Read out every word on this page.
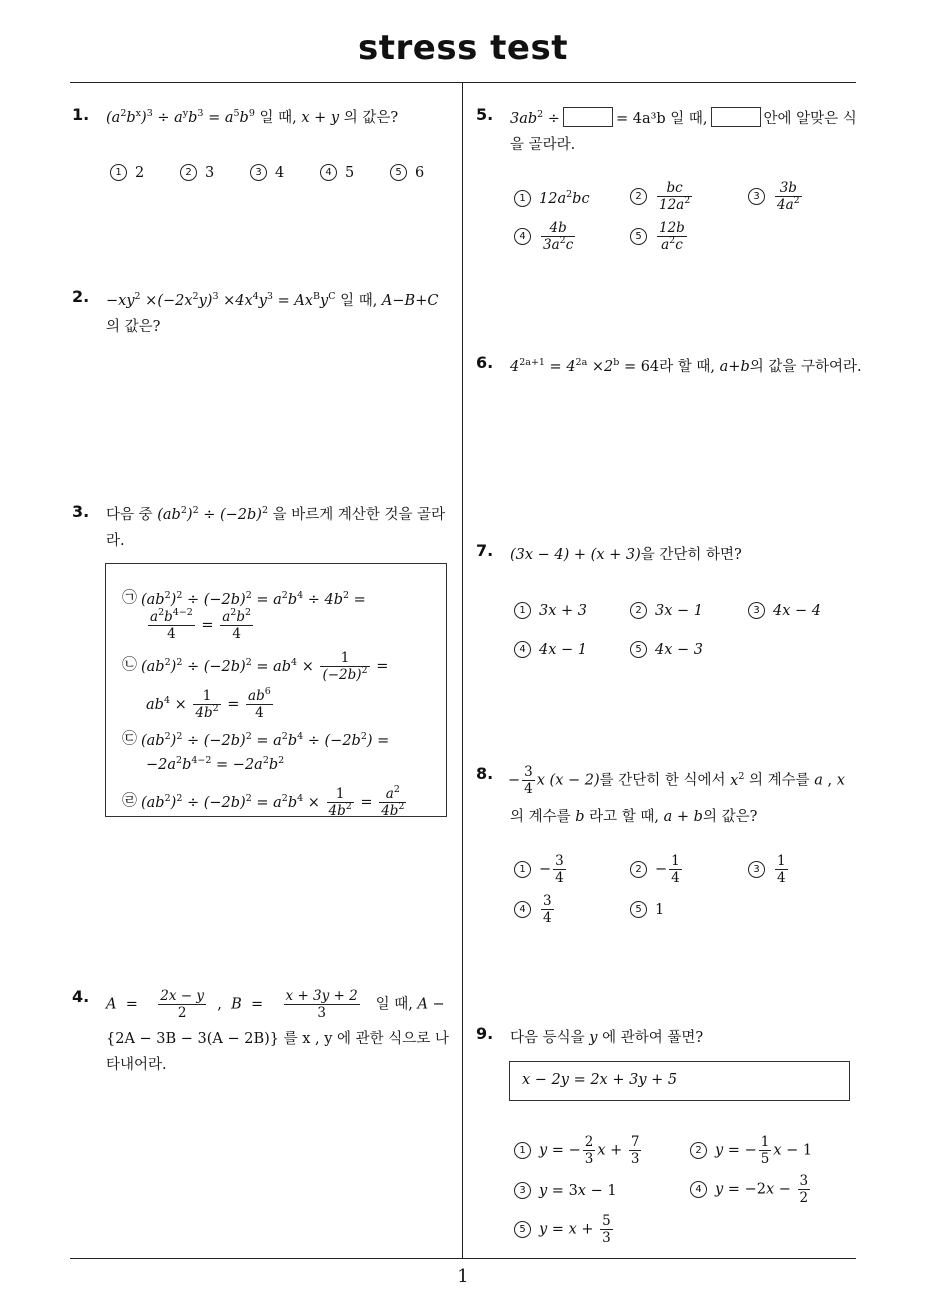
stress test
1
1. $(a^2b^x)^3 \div a^yb^3 = a^5b^9$ 일 때, x + y 의 값은?
1 2	2 3	3 4	4 5	5 6
2. $-xy^2 \times(-2x^2y)^3 \times 4x^4y^3 = Ax^By^C$ 일 때, A−B+C
의 값은?
3. 다음 중 $(ab^2)^2 \div (-2b)^2$ 을 바르게 계산한 것을 골라
라.
㉠ $(ab^2)^2 \div (-2b)^2 = a^2b^4 \div 4b^2$ =
$\frac{a^2b^{4-2}}{4} = \frac{a^2b^2}{4}$
㉡ $(ab^2)^2 \div (-2b)^2 = ab^4 \times \frac{1}{(-2b)^2}$ =
$ab^4 \times \frac{1}{4b^2} = \frac{ab^6}{4}$
㉢ $(ab^2)^2 \div (-2b)^2 = a^2b^4 \div (-2b^2)$ =
$-2a^2b^{4-2} = -2a^2b^2$
㉣ $(ab^2)^2 \div (-2b)^2 = a^2b^4 \times \frac{1}{4b^2} = \frac{a^2}{4b^2}$
4. $A = \frac{2x - y}{2}$ ,  $B = \frac{x + 3y + 2}{3}$ 일 때, A −
{2A − 3B − 3(A − 2B)} 를 x , y 에 관한 식으로 나
타내어라.
5. $3ab^2$ ÷	= 4a³b 일 때,	안에 알맞은 식
을 골라라.
1 $12a^2bc$	$2 \frac{bc}{12a^2}$	$3 \frac{3b}{4a^2}$
$4 \frac{4b}{3a^2c}$	$5 \frac{12b}{a^2c}$
6. $4^{2a+1} = 4^{2a} \times 2^b = 64$라 할 때, a+b의 값을 구하여라.
7. (3x − 4) + (x + 3)을 간단히 하면?
1 3x + 3	2 3x − 1	3 4x − 4
4 4x − 1	5 4x − 3
8. − $\frac{3}{4}$ x (x − 2)를 간단히 한 식에서 $x^2$ 의 계수를 a , x
의 계수를 b 라고 할 때, a + b의 값은?
$1 - \frac{3}{4}$	$2 - \frac{1}{4}$	$3 \frac{1}{4}$
$4 \frac{3}{4}$	5 1
9. 다음 등식을 y 에 관하여 풀면?
x − 2y = 2x + 3y + 5
1 y = − $\frac{2}{3}$ $x + \frac{7}{3}$	2 y = − $\frac{1}{5}$ x − 1
3 y = 3x − 1	4 $y = -2x - \frac{3}{2}$
5 $y = x + \frac{5}{3}$
